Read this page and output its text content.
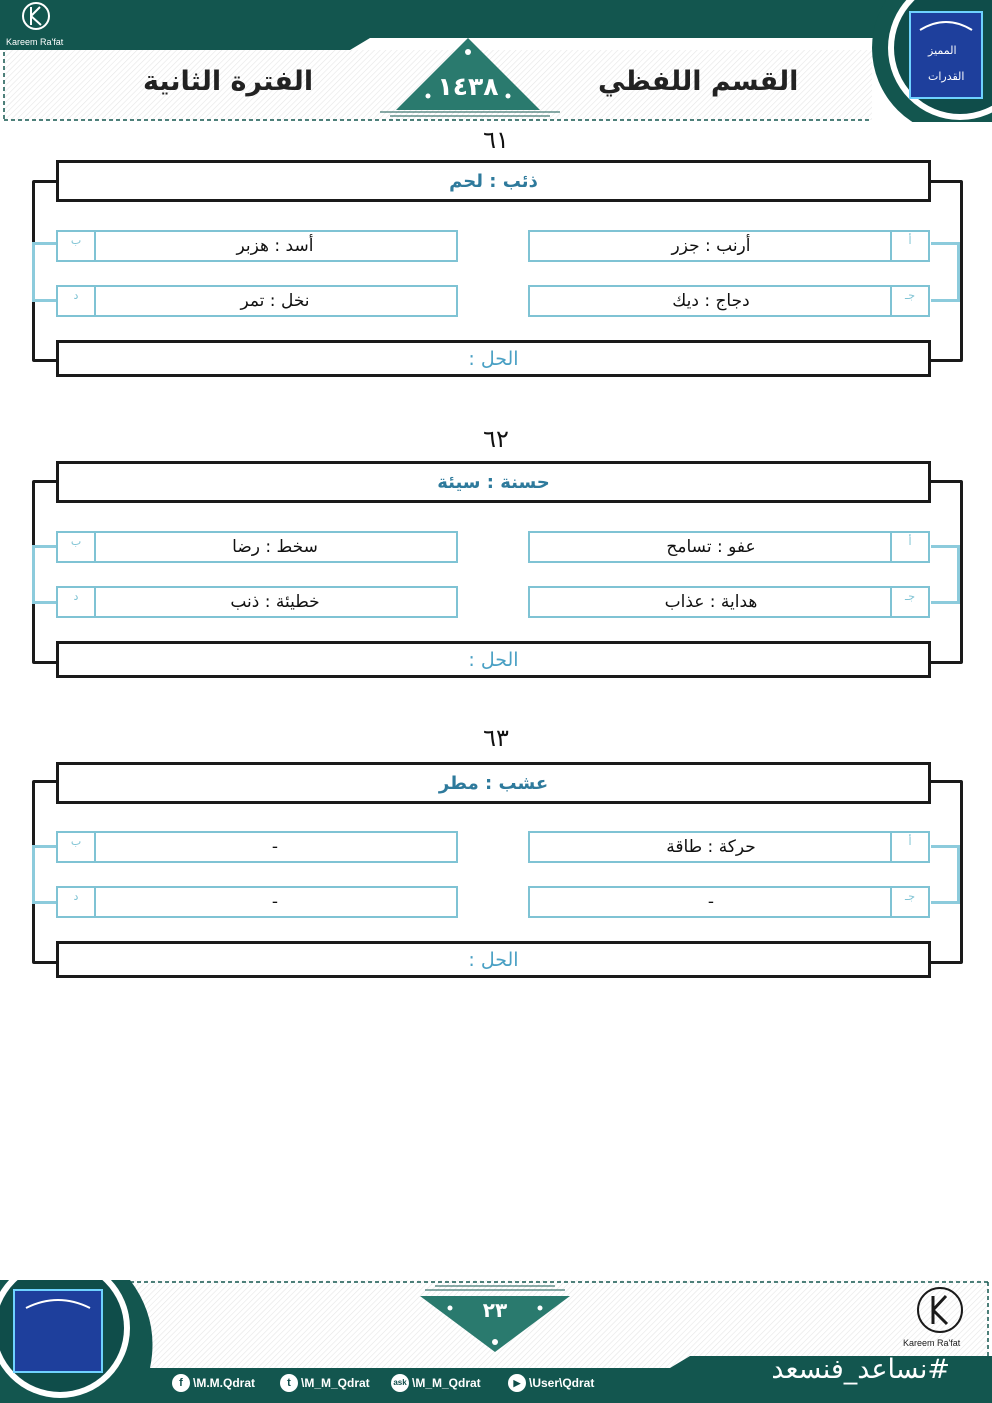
١٤٣٨	القسم اللفظي
الفترة الثانية
Kareem Ra'fat
المميز
القدرات
٦١
ذئب : لحم
أ
أرنب : جزر
ب	أسد : هزبر
جـ
دجاج : ديك
د	نخل : تمر
الحل :
٦٢
حسنة : سيئة
أ
عفو : تسامح
ب	سخط : رضا
جـ
هداية : عذاب
د	خطيئة : ذنب
الحل :
٦٣
عشب : مطر
أ
حركة : طاقة
ب	-
جـ
-
د	-
الحل :
٢٣
Kareem Ra'fat
#نساعد_فنسعد
f \M.M.Qdrat	t \M_M_Qdrat	ask \M_M_Qdrat	▶ \User\Qdrat
